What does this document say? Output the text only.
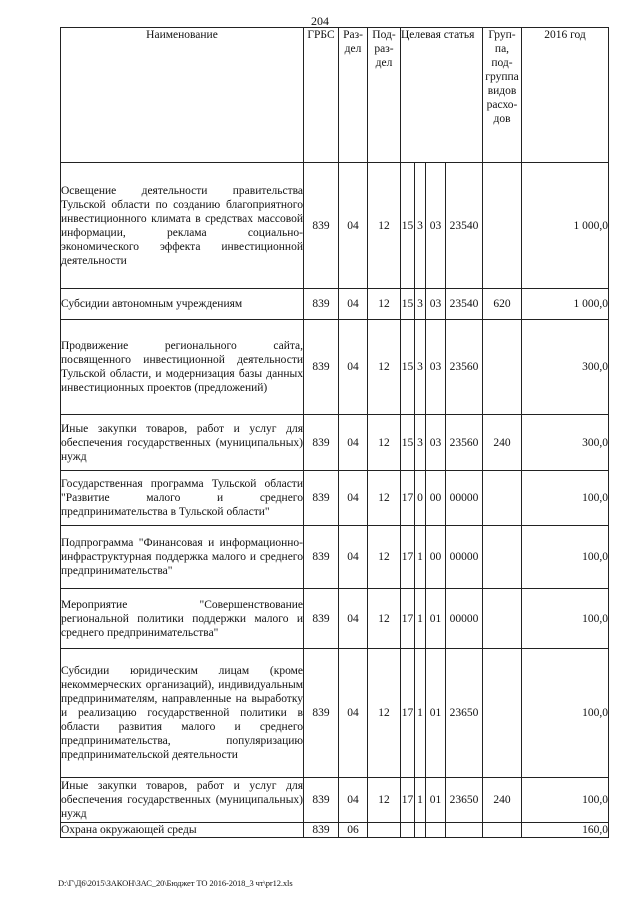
204
Наименование	ГРБС	Раз-дел	Под-раз-дел	Целевая статья				Груп-па, под-группа видов расхо-дов	2016 год
Освещение деятельности правительства Тульской области по созданию благоприятного инвестиционного климата в средствах массовой информации, реклама социально-экономического эффекта инвестиционной деятельности	839	04	12	15	3	03	23540		1 000,0
Субсидии автономным учреждениям	839	04	12	15	3	03	23540	620	1 000,0
Продвижение регионального сайта, посвященного инвестиционной деятельности Тульской области, и модернизация базы данных инвестиционных проектов (предложений)	839	04	12	15	3	03	23560		300,0
Иные закупки товаров, работ и услуг для обеспечения государственных (муниципальных) нужд	839	04	12	15	3	03	23560	240	300,0
Государственная программа Тульской области "Развитие малого и среднего предпринимательства в Тульской области"	839	04	12	17	0	00	00000		100,0
Подпрограмма "Финансовая и информационно-инфраструктурная поддержка малого и среднего предпринимательства"	839	04	12	17	1	00	00000		100,0
Мероприятие "Совершенствование региональной политики поддержки малого и среднего предпринимательства"	839	04	12	17	1	01	00000		100,0
Субсидии юридическим лицам (кроме некоммерческих организаций), индивидуальным предпринимателям, направленные на выработку и реализацию государственной политики в области развития малого и среднего предпринимательства, популяризацию предпринимательской деятельности	839	04	12	17	1	01	23650		100,0
Иные закупки товаров, работ и услуг для обеспечения государственных (муниципальных) нужд	839	04	12	17	1	01	23650	240	100,0
Охрана окружающей среды	839	06							160,0
D:\Г\Д6\2015\ЗАКОН\ЗАС_20\Бюджет ТО 2016-2018_3 чт\pr12.xls
